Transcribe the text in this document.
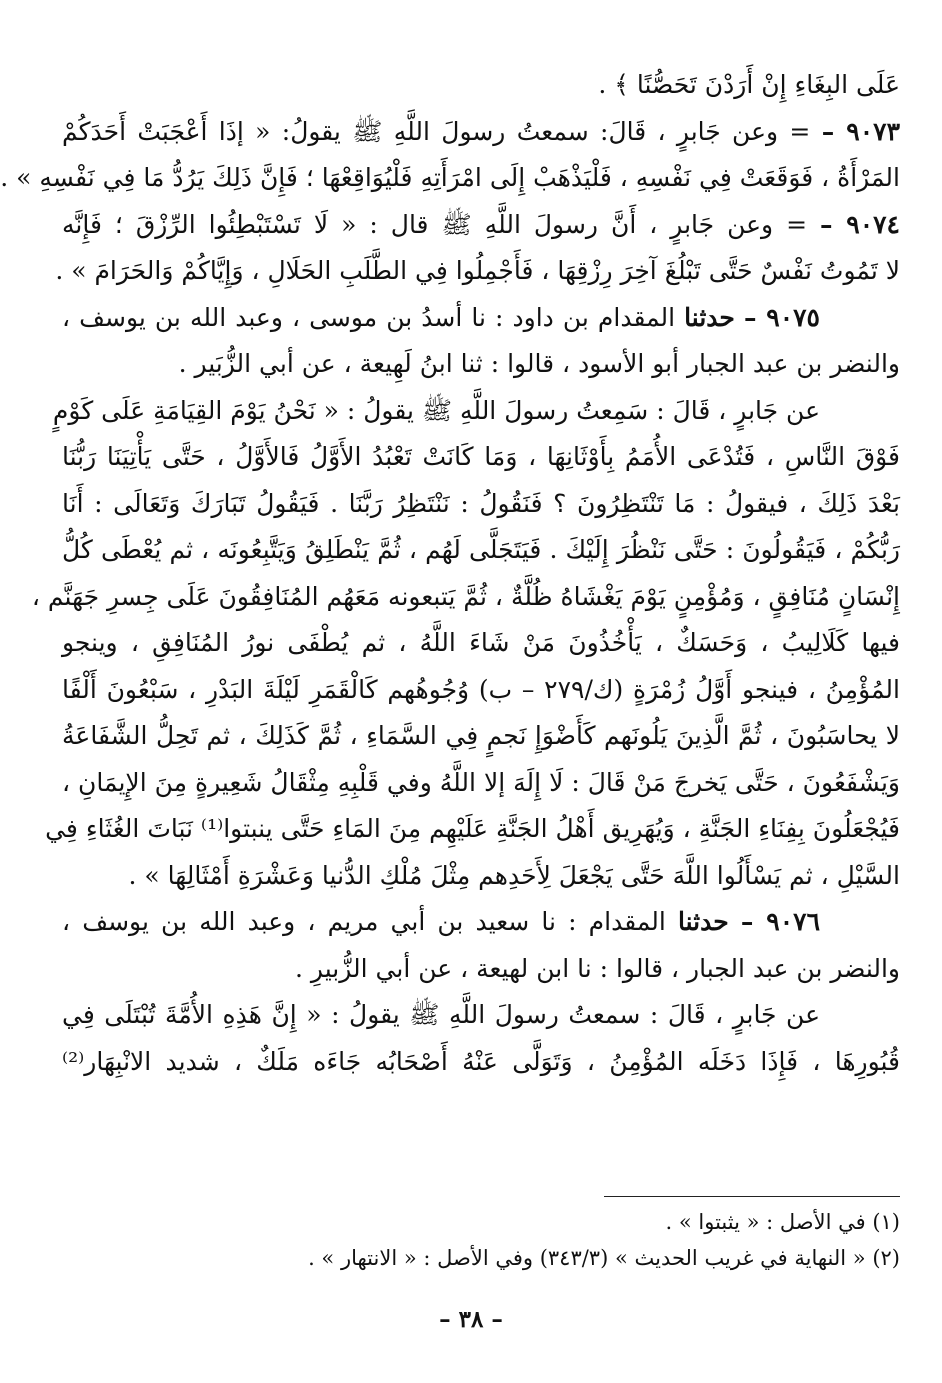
عَلَى البِغَاءِ إِنْ أَرَدْنَ تَحَصُّنًا ﴾ .
٩٠٧٣ – = وعن جَابرٍ ، قَالَ: سمعتُ رسولَ اللَّهِ ﷺ يقولُ: « إذَا أَعْجَبَتْ أَحَدَكُمْ
المَرْأَةُ ، فَوَقَعَتْ فِي نَفْسِهِ ، فَلْيَذْهَبْ إِلَى امْرَأَتِهِ فَلْيُوَاقِعْهَا ؛ فَإِنَّ ذَلِكَ يَرُدُّ مَا فِي نَفْسِهِ » .
٩٠٧٤ – = وعن جَابرٍ ، أَنَّ رسولَ اللَّهِ ﷺ قال : « لَا تَسْتَبْطِئُوا الرِّزْقَ ؛ فَإِنَّه
لا تَمُوتُ نَفْسٌ حَتَّى تَبْلُغَ آخِرَ رِزْقِهَا ، فَأَجْمِلُوا فِي الطَّلَبِ الحَلَالِ ، وَإِيَّاكُمْ وَالحَرَامَ » .
٩٠٧٥ – حدثنا المقدام بن داود : نا أسدُ بن موسى ، وعبد الله بن يوسف ،
والنضر بن عبد الجبار أبو الأسود ، قالوا : ثنا ابنُ لَهِيعة ، عن أبي الزُّبَير .
عن جَابرٍ ، قَالَ : سَمِعتُ رسولَ اللَّهِ ﷺ يقولُ : « نَحْنُ يَوْمَ القِيَامَةِ عَلَى كَوْمٍ
فَوْقَ النَّاسِ ، فَتُدْعَى الأُمَمُ بِأَوْثَانِهَا ، وَمَا كَانَتْ تَعْبُدُ الأَوَّلُ فَالأَوَّلُ ، حَتَّى يَأْتِيَنَا رَبُّنَا
بَعْدَ ذَلِكَ ، فيقولُ : مَا تَنْتَظِرُونَ ؟ فَنَقُولُ : نَنْتَظِرُ رَبَّنَا . فَيَقُولُ تَبَارَكَ وَتَعَالَى : أَنَا
رَبُّكُمْ ، فَيَقُولُونَ : حَتَّى نَنْظُرَ إِلَيْكَ . فَيَتَجَلَّى لَهُم ، ثُمَّ يَنْطَلِقُ وَيَتَّبِعُونَه ، ثم يُعْطَى كُلُّ
إِنْسَانٍ مُنَافِقٍ ، وَمُؤْمِنٍ يَوْمَ يَغْشَاهُ ظُلَّةٌ ، ثُمَّ يَتبعونه مَعَهُم المُنَافِقُونَ عَلَى جِسرِ جَهَنَّم ،
فيها كَلَالِيبُ ، وَحَسَكٌ ، يَأْخُذُونَ مَنْ شَاءَ اللَّهُ ، ثم يُطْفَى نورُ المُنَافِقِ ، وينجو
المُؤْمِنُ ، فينجو أَوَّلُ زُمْرَةٍ (ك/٢٧٩ – ب) وُجُوهُهم كَالْقَمَرِ لَيْلَةَ البَدْرِ ، سَبْعُونَ أَلْفًا
لا يحاسَبُونَ ، ثُمَّ الَّذِينَ يَلُونَهم كَأَضْوَإِ نَجمٍ فِي السَّمَاءِ ، ثُمَّ كَذَلِكَ ، ثم تَحِلُّ الشَّفَاعَةُ
وَيَشْفَعُونَ ، حَتَّى يَخرجَ مَنْ قَالَ : لَا إِلَهَ إلا اللَّهُ وفي قَلْبِهِ مِثْقَالُ شَعِيرةٍ مِنَ الإِيمَانِ ،
فَيُجْعَلُونَ بِفِنَاءِ الجَنَّةِ ، وَيُهَرِيق أَهْلُ الجَنَّةِ عَلَيْهِم مِنَ المَاءِ حَتَّى ينبتوا⁽¹⁾ نَبَاتَ الغُثَاءِ فِي
السَّيْلِ ، ثم يَسْأَلُوا اللَّهَ حَتَّى يَجْعَلَ لِأَحَدِهم مِثْلَ مُلْكِ الدُّنيا وَعَشْرَةِ أَمْثَالِهَا » .
٩٠٧٦ – حدثنا المقدام : نا سعيد بن أبي مريم ، وعبد الله بن يوسف ،
والنضر بن عبد الجبار ، قالوا : نا ابن لهيعة ، عن أبي الزُّبيرِ .
عن جَابرٍ ، قَالَ : سمعتُ رسولَ اللَّهِ ﷺ يقولُ : « إِنَّ هَذِهِ الأُمَّةَ تُبْتَلَى فِي
قُبُورِهَا ، فَإِذَا دَخَلَه المُؤْمِنُ ، وَتَوَلَّى عَنْهُ أَصْحَابُه جَاءَه مَلَكٌ ، شديد الانْبِهَار⁽²⁾
(١) في الأصل : « يثبتوا » .
(٢) « النهاية في غريب الحديث » (٣٤٣/٣) وفي الأصل : « الانتهار » .
– ٣٨ –
